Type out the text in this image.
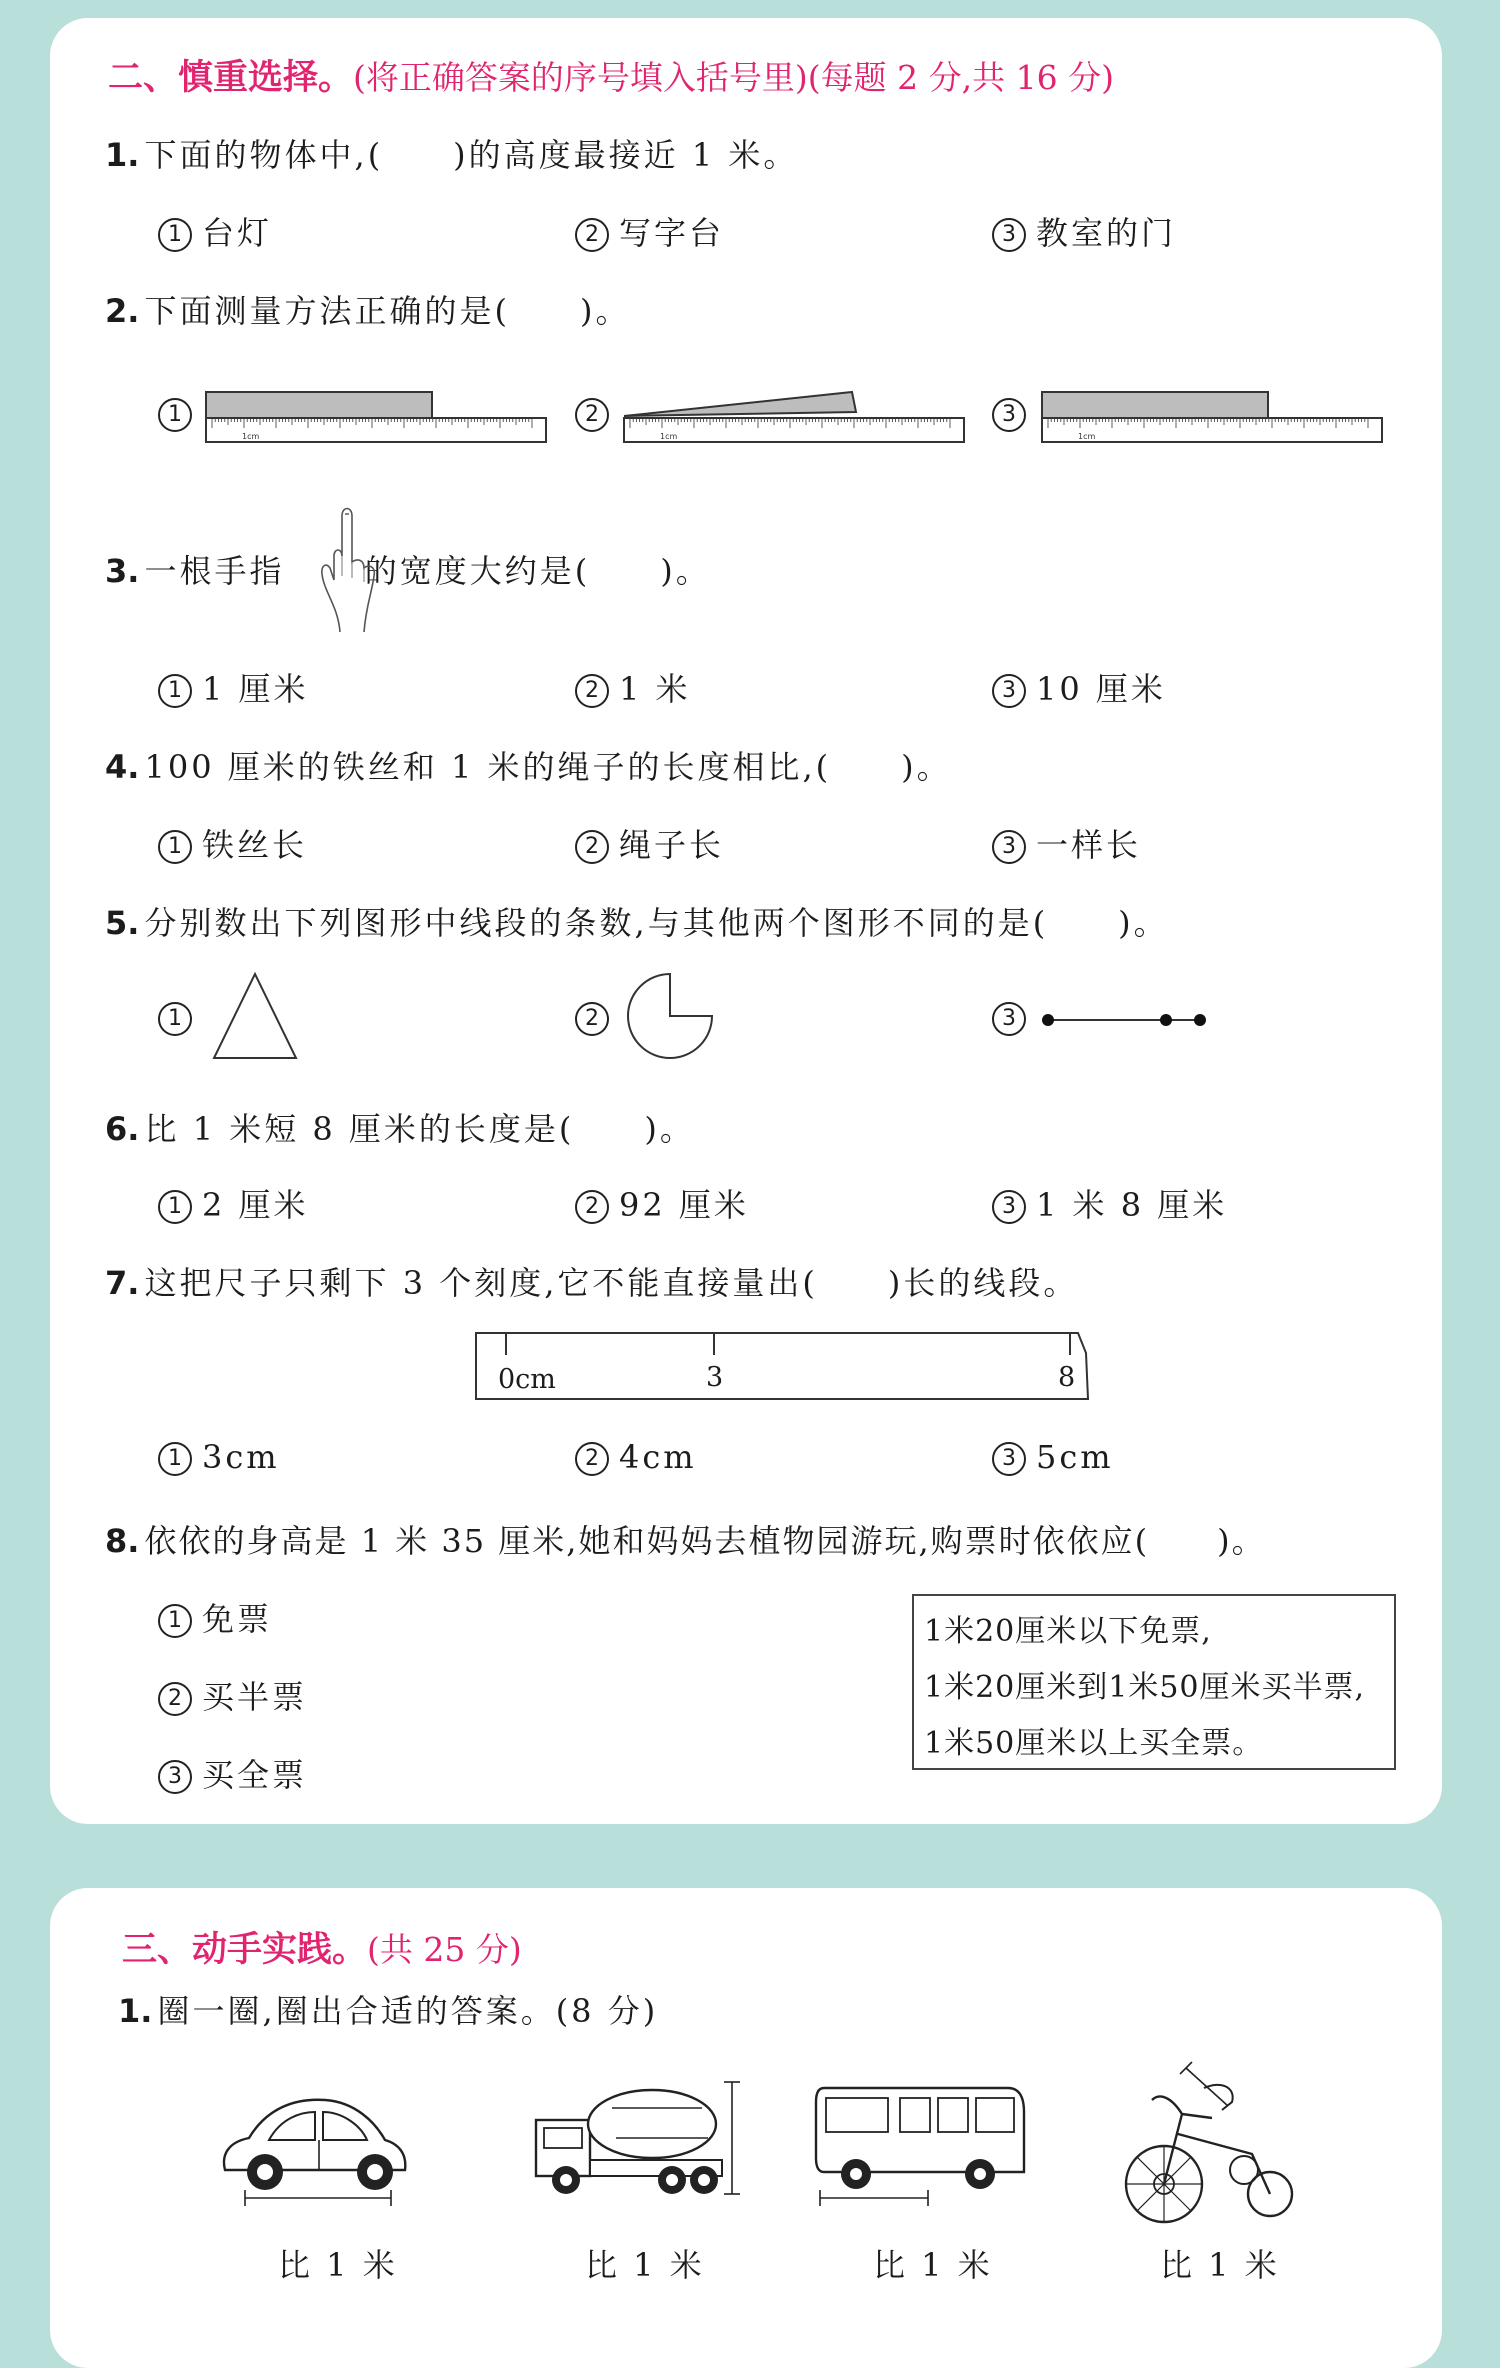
二、慎重选择。(将正确答案的序号填入括号里)(每题 2 分,共 16 分)
1. 下面的物体中,(　　)的高度最接近 1 米。
1 台灯	2 写字台	3 教室的门
2. 下面测量方法正确的是(　　)。
1	2	3
1cm	1cm	1cm
3. 一根手指	的宽度大约是(　　)。
1 1 厘米	2 1 米	3 10 厘米
4. 100 厘米的铁丝和 1 米的绳子的长度相比,(　　)。
1 铁丝长	2 绳子长	3 一样长
5. 分别数出下列图形中线段的条数,与其他两个图形不同的是(　　)。
1	2	3
6. 比 1 米短 8 厘米的长度是(　　)。
1 2 厘米	2 92 厘米	3 1 米 8 厘米
7. 这把尺子只剩下 3 个刻度,它不能直接量出(　　)长的线段。
0cm	3	8
1 3cm	2 4cm	3 5cm
8. 依依的身高是 1 米 35 厘米,她和妈妈去植物园游玩,购票时依依应(　　)。
1 免票
2 买半票
3 买全票
1米20厘米以下免票,
1米20厘米到1米50厘米买半票,
1米50厘米以上买全票。
三、动手实践。(共 25 分)
1. 圈一圈,圈出合适的答案。(8 分)
比 1 米	比 1 米	比 1 米	比 1 米
